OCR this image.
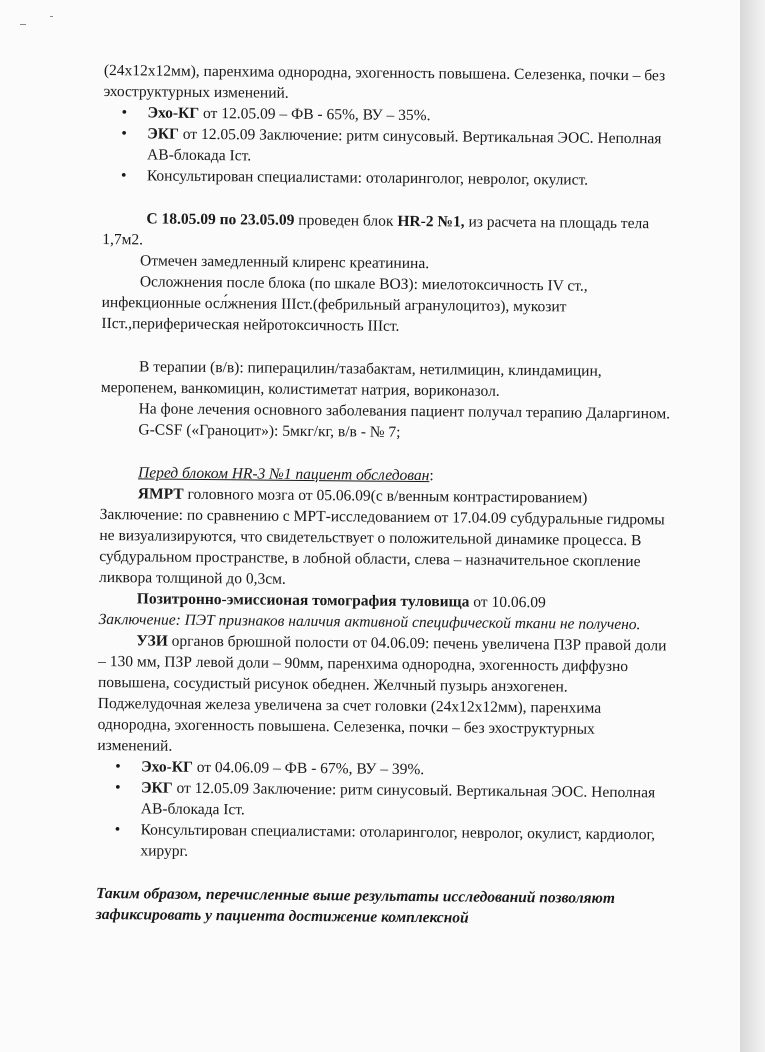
(24х12х12мм), паренхима однородна, эхогенность повышена. Селезенка, почки – без эхоструктурных изменений.

• Эхо-КГ от 12.05.09 – ФВ - 65%, ВУ – 35%.
• ЭКГ от 12.05.09 Заключение: ритм синусовый. Вертикальная ЭОС. Неполная АВ-блокада Iст.
• Консультирован специалистами: отоларинголог, невролог, окулист.

С 18.05.09 по 23.05.09 проведен блок HR-2 №1, из расчета на площадь тела 1,7м2.

Отмечен замедленный клиренс креатинина.

Осложнения после блока (по шкале ВОЗ): миелотоксичность IV ст., инфекционные осл́жнения IIIст.(фебрильный агранулоцитоз), мукозит IIст.,периферическая нейротоксичность IIIст.

В терапии (в/в): пиперацилин/тазабактам, нетилмицин, клиндамицин, меропенем, ванкомицин, колистиметат натрия, вориконазол.

На фоне лечения основного заболевания пациент получал терапию Даларгином.

G-CSF («Граноцит»): 5мкг/кг, в/в - № 7;

Перед блоком HR-3 №1 пациент обследован:

ЯМРТ головного мозга от 05.06.09(с в/венным контрастированием) Заключение: по сравнению с МРТ-исследованием от 17.04.09 субдуральные гидромы не визуализируются, что свидетельствует о положительной динамике процесса. В субдуральном пространстве, в лобной области, слева – назначительное скопление ликвора толщиной до 0,3см.

Позитронно-эмиссионая томография туловища от 10.06.09

Заключение: ПЭТ признаков наличия активной специфической ткани не получено.

УЗИ органов брюшной полости от 04.06.09: печень увеличена ПЗР правой доли – 130 мм, ПЗР левой доли – 90мм, паренхима однородна, эхогенность диффузно повышена, сосудистый рисунок обеднен. Желчный пузырь анэхогенен. Поджелудочная железа увеличена за счет головки (24х12х12мм), паренхима однородна, эхогенность повышена. Селезенка, почки – без эхоструктурных изменений.

• Эхо-КГ от 04.06.09 – ФВ - 67%, ВУ – 39%.
• ЭКГ от 12.05.09 Заключение: ритм синусовый. Вертикальная ЭОС. Неполная АВ-блокада Iст.
• Консультирован специалистами: отоларинголог, невролог, окулист, кардиолог, хирург.

Таким образом, перечисленные выше результаты исследований позволяют зафиксировать у пациента достижение комплексной
